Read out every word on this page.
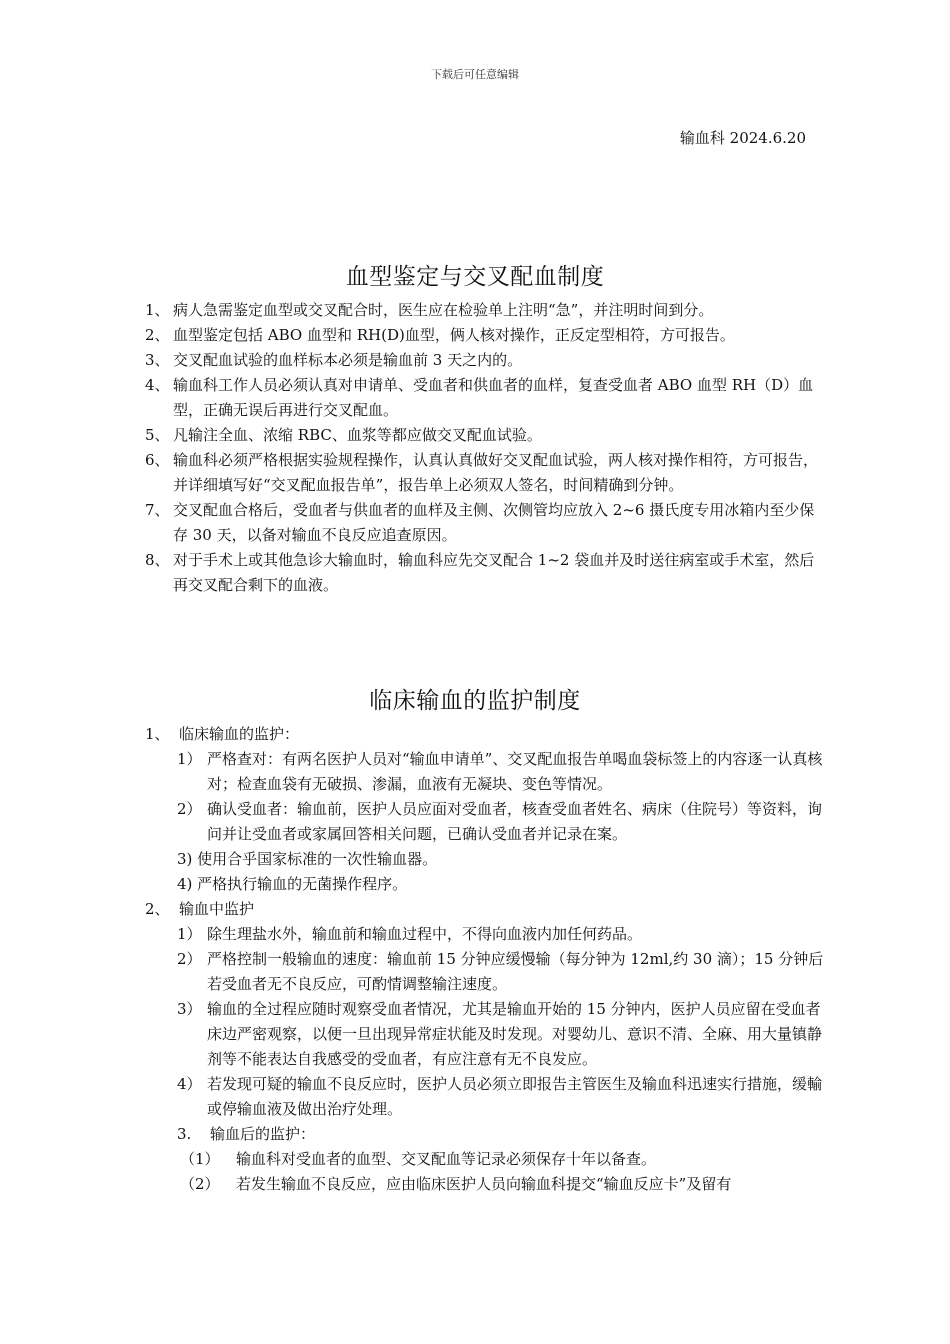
下载后可任意编辑
输血科 2024.6.20
血型鉴定与交叉配血制度
1、 病人急需鉴定血型或交叉配合时，医生应在检验单上注明“急”，并注明时间到分。
2、 血型鉴定包括 ABO 血型和 RH(D)血型，俩人核对操作，正反定型相符，方可报告。
3、 交叉配血试验的血样标本必须是输血前 3 天之内的。
4、 输血科工作人员必须认真对申请单、受血者和供血者的血样，复查受血者 ABO 血型 RH（D）血型，正确无误后再进行交叉配血。
5、 凡输注全血、浓缩 RBC、血浆等都应做交叉配血试验。
6、 输血科必须严格根据实验规程操作，认真认真做好交叉配血试验，两人核对操作相符，方可报告，并详细填写好“交叉配血报告单”，报告单上必须双人签名，时间精确到分钟。
7、 交叉配血合格后，受血者与供血者的血样及主侧、次侧管均应放入 2~6 摄氏度专用冰箱内至少保存 30 天，以备对输血不良反应追查原因。
8、 对于手术上或其他急诊大输血时，输血科应先交叉配合 1~2 袋血并及时送往病室或手术室，然后再交叉配合剩下的血液。
临床输血的监护制度
1、 临床输血的监护：
1） 严格查对：有两名医护人员对“输血申请单”、交叉配血报告单喝血袋标签上的内容逐一认真核对；检查血袋有无破损、渗漏，血液有无凝块、变色等情况。
2） 确认受血者：输血前，医护人员应面对受血者，核查受血者姓名、病床（住院号）等资料，询问并让受血者或家属回答相关问题，已确认受血者并记录在案。
3) 使用合乎国家标准的一次性输血器。
4) 严格执行输血的无菌操作程序。
2、 输血中监护
1） 除生理盐水外，输血前和输血过程中，不得向血液内加任何药品。
2） 严格控制一般输血的速度：输血前 15 分钟应缓慢输（每分钟为 12ml,约 30 滴）；15 分钟后若受血者无不良反应，可酌情调整输注速度。
3） 输血的全过程应随时观察受血者情况，尤其是输血开始的 15 分钟内，医护人员应留在受血者床边严密观察，以便一旦出现异常症状能及时发现。对婴幼儿、意识不清、全麻、用大量镇静剂等不能表达自我感受的受血者，有应注意有无不良发应。
4） 若发现可疑的输血不良反应时，医护人员必须立即报告主管医生及输血科迅速实行措施，缓輸或停输血液及做出治疗处理。
3.	输血后的监护：
（1）	输血科对受血者的血型、交叉配血等记录必须保存十年以备查。
（2）	若发生输血不良反应，应由临床医护人员向输血科提交“输血反应卡”及留有
